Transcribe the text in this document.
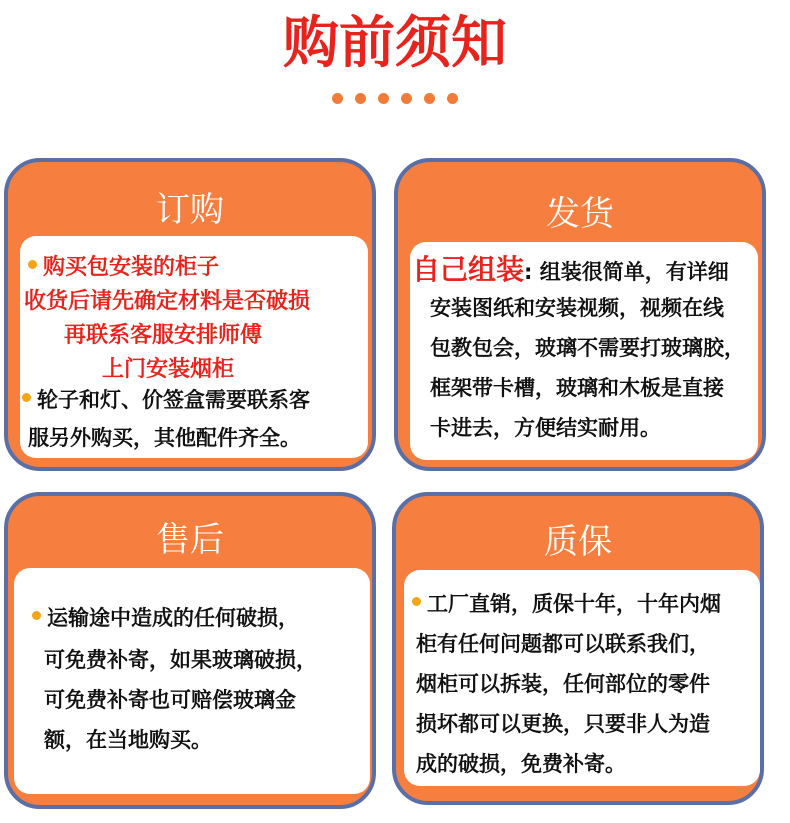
购前须知
订购
购买包安装的柜子
收货后请先确定材料是否破损
再联系客服安排师傅
上门安装烟柜
轮子和灯、价签盒需要联系客
服另外购买，其他配件齐全。
发货
自己组装: 组装很简单，有详细
安装图纸和安装视频，视频在线
包教包会，玻璃不需要打玻璃胶，
框架带卡槽，玻璃和木板是直接
卡进去，方便结实耐用。
售后
运输途中造成的任何破损，
可免费补寄，如果玻璃破损，
可免费补寄也可赔偿玻璃金
额，在当地购买。
质保
工厂直销，质保十年，十年内烟
柜有任何问题都可以联系我们，
烟柜可以拆装，任何部位的零件
损坏都可以更换，只要非人为造
成的破损，免费补寄。
